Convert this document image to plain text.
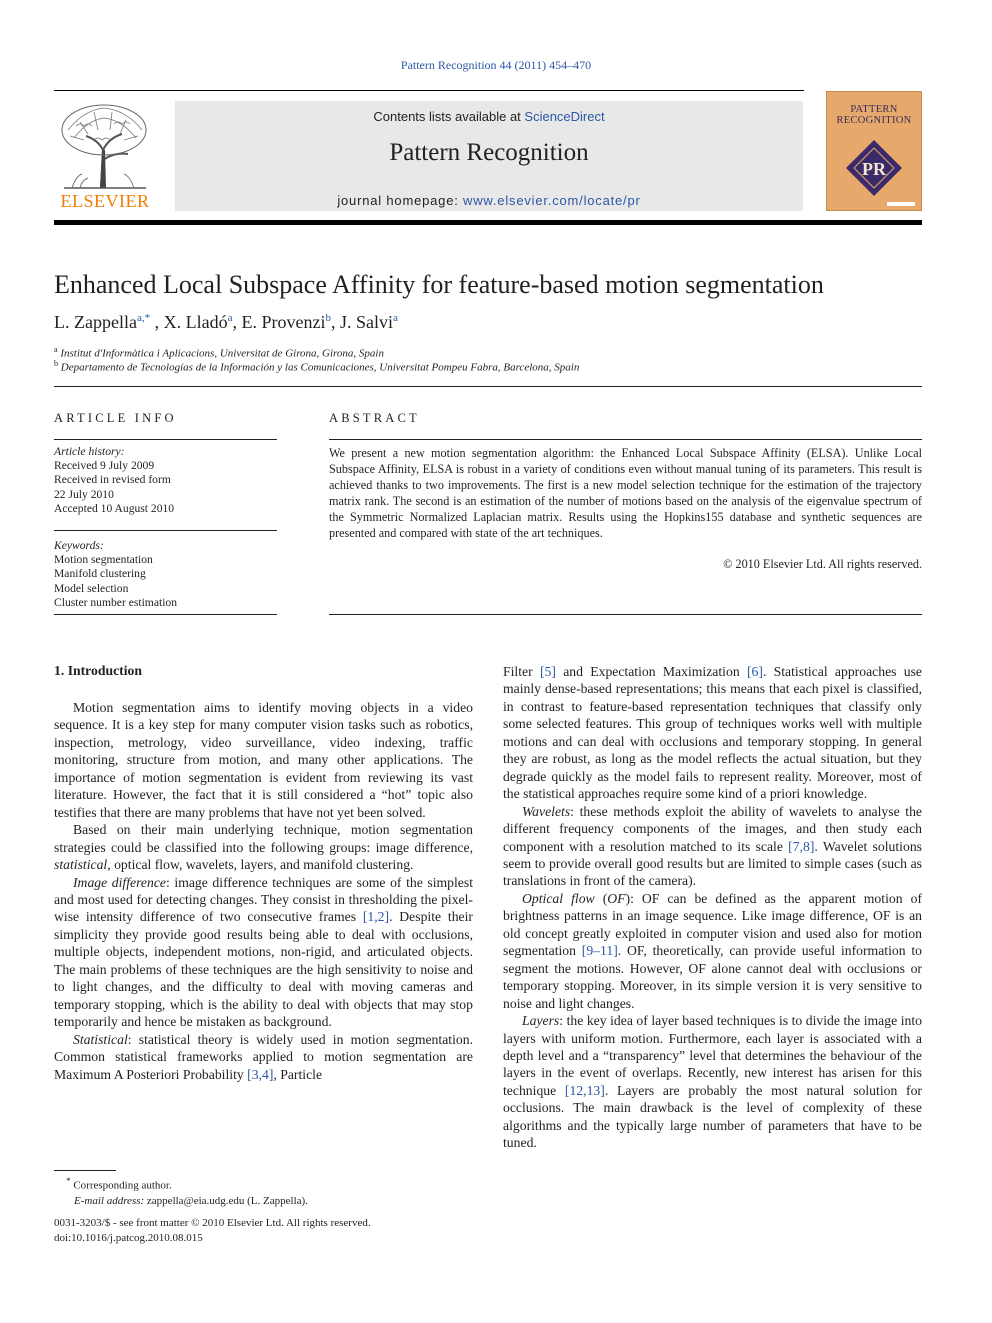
Pattern Recognition 44 (2011) 454–470
ELSEVIER
Contents lists available at ScienceDirect
Pattern Recognition
journal homepage: www.elsevier.com/locate/pr
PATTERN
RECOGNITION
PR
Enhanced Local Subspace Affinity for feature-based motion segmentation
L. Zappella$^{a,*}$ , X. Lladó$^a$, E. Provenzi$^b$, J. Salvi$^a$
$^a$ Institut d'Informàtica i Aplicacions, Universitat de Girona, Girona, Spain
$^b$ Departamento de Tecnologías de la Información y las Comunicaciones, Universitat Pompeu Fabra, Barcelona, Spain
ARTICLE INFO
Article history:
Received 9 July 2009
Received in revised form
22 July 2010
Accepted 10 August 2010
Keywords:
Motion segmentation
Manifold clustering
Model selection
Cluster number estimation
ABSTRACT
We present a new motion segmentation algorithm: the Enhanced Local Subspace Affinity (ELSA). Unlike Local Subspace Affinity, ELSA is robust in a variety of conditions even without manual tuning of its parameters. This result is achieved thanks to two improvements. The first is a new model selection technique for the estimation of the trajectory matrix rank. The second is an estimation of the number of motions based on the analysis of the eigenvalue spectrum of the Symmetric Normalized Laplacian matrix. Results using the Hopkins155 database and synthetic sequences are presented and compared with state of the art techniques.
© 2010 Elsevier Ltd. All rights reserved.
1. Introduction

Motion segmentation aims to identify moving objects in a video sequence. It is a key step for many computer vision tasks such as robotics, inspection, metrology, video surveillance, video indexing, traffic monitoring, structure from motion, and many other applications. The importance of motion segmentation is evident from reviewing its vast literature. However, the fact that it is still considered a “hot” topic also testifies that there are many problems that have not yet been solved.

Based on their main underlying technique, motion segmentation strategies could be classified into the following groups: image difference, statistical, optical flow, wavelets, layers, and manifold clustering.

Image difference: image difference techniques are some of the simplest and most used for detecting changes. They consist in thresholding the pixel-wise intensity difference of two consecutive frames [1,2]. Despite their simplicity they provide good results being able to deal with occlusions, multiple objects, independent motions, non-rigid, and articulated objects. The main problems of these techniques are the high sensitivity to noise and to light changes, and the difficulty to deal with moving cameras and temporary stopping, which is the ability to deal with objects that may stop temporarily and hence be mistaken as background.

Statistical: statistical theory is widely used in motion segmentation. Common statistical frameworks applied to motion segmentation are Maximum A Posteriori Probability [3,4], Particle

Filter [5] and Expectation Maximization [6]. Statistical approaches use mainly dense-based representations; this means that each pixel is classified, in contrast to feature-based representation techniques that classify only some selected features. This group of techniques works well with multiple motions and can deal with occlusions and temporary stopping. In general they are robust, as long as the model reflects the actual situation, but they degrade quickly as the model fails to represent reality. Moreover, most of the statistical approaches require some kind of a priori knowledge.

Wavelets: these methods exploit the ability of wavelets to analyse the different frequency components of the images, and then study each component with a resolution matched to its scale [7,8]. Wavelet solutions seem to provide overall good results but are limited to simple cases (such as translations in front of the camera).

Optical flow (OF): OF can be defined as the apparent motion of brightness patterns in an image sequence. Like image difference, OF is an old concept greatly exploited in computer vision and used also for motion segmentation [9–11]. OF, theoretically, can provide useful information to segment the motions. However, OF alone cannot deal with occlusions or temporary stopping. Moreover, in its simple version it is very sensitive to noise and light changes.

Layers: the key idea of layer based techniques is to divide the image into layers with uniform motion. Furthermore, each layer is associated with a depth level and a “transparency” level that determines the behaviour of the layers in the event of overlaps. Recently, new interest has arisen for this technique [12,13]. Layers are probably the most natural solution for occlusions. The main drawback is the level of complexity of these algorithms and the typically large number of parameters that have to be tuned.

* Corresponding author.
E-mail address: zappella@eia.udg.edu (L. Zappella).
0031-3203/$ - see front matter © 2010 Elsevier Ltd. All rights reserved.
doi:10.1016/j.patcog.2010.08.015
